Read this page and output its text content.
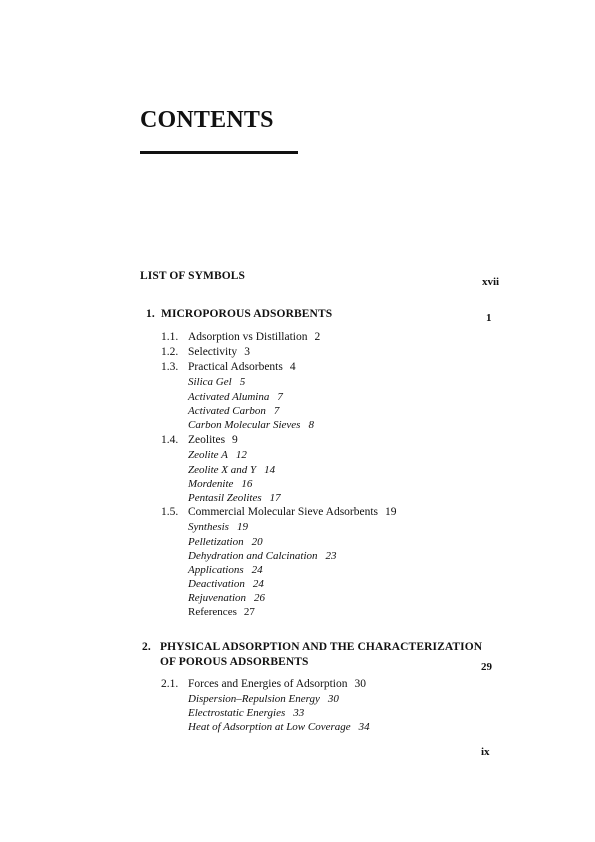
CONTENTS
LIST OF SYMBOLS	xvii
1. MICROPOROUS ADSORBENTS	1
1.1. Adsorption vs Distillation 2
1.2. Selectivity 3
1.3. Practical Adsorbents 4
Silica Gel 5
Activated Alumina 7
Activated Carbon 7
Carbon Molecular Sieves 8
1.4. Zeolites 9
Zeolite A 12
Zeolite X and Y 14
Mordenite 16
Pentasil Zeolites 17
1.5. Commercial Molecular Sieve Adsorbents 19
Synthesis 19
Pelletization 20
Dehydration and Calcination 23
Applications 24
Deactivation 24
Rejuvenation 26
References 27
2. PHYSICAL ADSORPTION AND THE CHARACTERIZATION
OF POROUS ADSORBENTS	29
2.1. Forces and Energies of Adsorption 30
Dispersion–Repulsion Energy 30
Electrostatic Energies 33
Heat of Adsorption at Low Coverage 34
ix
